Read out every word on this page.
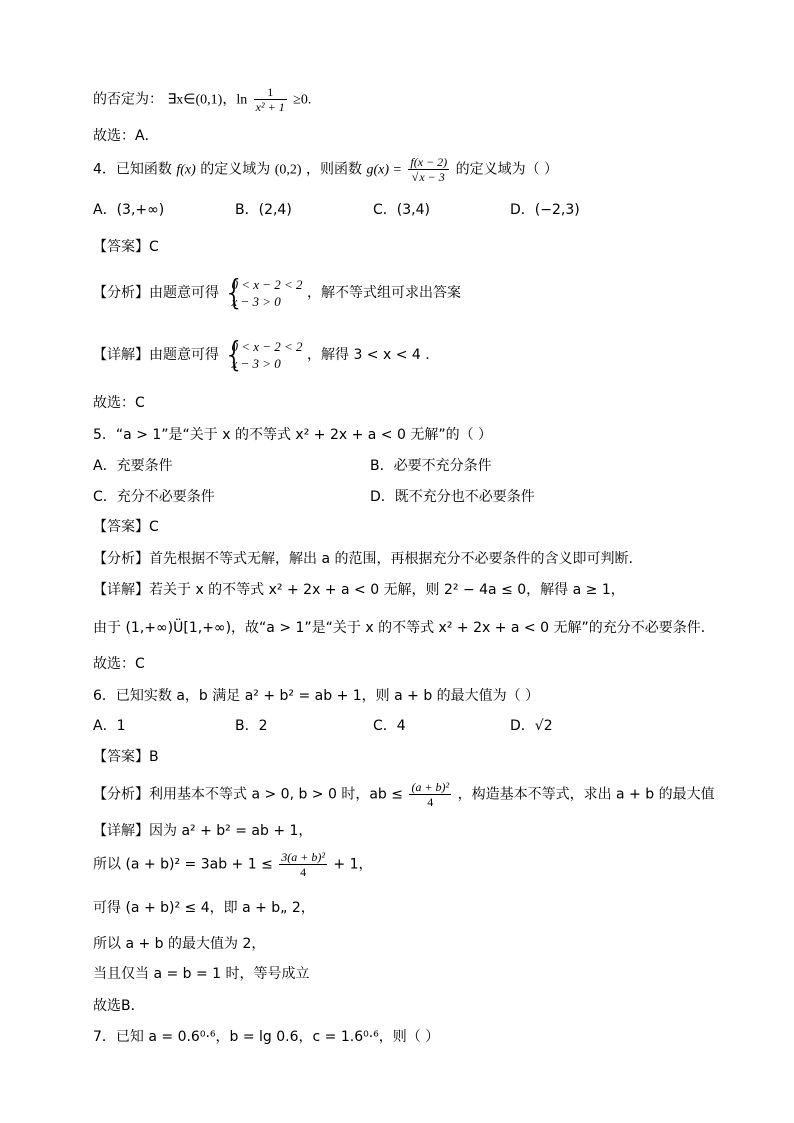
的否定为： ∃x∈(0,1)，$\ln \frac{1}{\text{x² + 1}} \ge 0$.
故选：A．
4．已知函数 f(x) 的定义域为 (0,2) ，则函数 $g(x) = \frac{f(x - 2)}{√x - 3}$ 的定义域为（ ）
A．(3,+∞)	B．(2,4)	C．(3,4)	D．(−2,3)
【答案】C
【分析】由题意可得 {
0 < x − 2 < 2
x − 3 > 0
，解不等式组可求出答案
【详解】由题意可得 {
0 < x − 2 < 2
x − 3 > 0
，解得 3 < x < 4 .
故选：C
5．“a > 1”是“关于 x 的不等式 x² + 2x + a < 0 无解”的（ ）
A．充要条件	B．必要不充分条件
C．充分不必要条件	D．既不充分也不必要条件
【答案】C
【分析】首先根据不等式无解，解出 a 的范围，再根据充分不必要条件的含义即可判断.
【详解】若关于 x 的不等式 x² + 2x + a < 0 无解，则 2² − 4a ≤ 0，解得 a ≥ 1，
由于 (1,+∞)Ü[1,+∞)，故“a > 1”是“关于 x 的不等式 x² + 2x + a < 0 无解”的充分不必要条件．
故选：C
6．已知实数 a，b 满足 a² + b² = ab + 1，则 a + b 的最大值为（ ）
A．1	B．2	C．4	D．√2
【答案】B
【分析】利用基本不等式 a > 0, b > 0 时，ab ≤ $\frac{\text{(a + b)²}}{4}$ ，构造基本不等式，求出 a + b 的最大值
【详解】因为 a² + b² = ab + 1，
所以 $(a + b)^2 = 3ab + 1 \le \frac{\text{3(a + b)²}}{4} + 1$，
可得 (a + b)² ≤ 4，即 a + b„ 2，
所以 a + b 的最大值为 2，
当且仅当 a = b = 1 时，等号成立
故选B．
7．已知 a = 0.6⁰·⁶，b = lg 0.6，c = 1.6⁰·⁶，则（ ）
